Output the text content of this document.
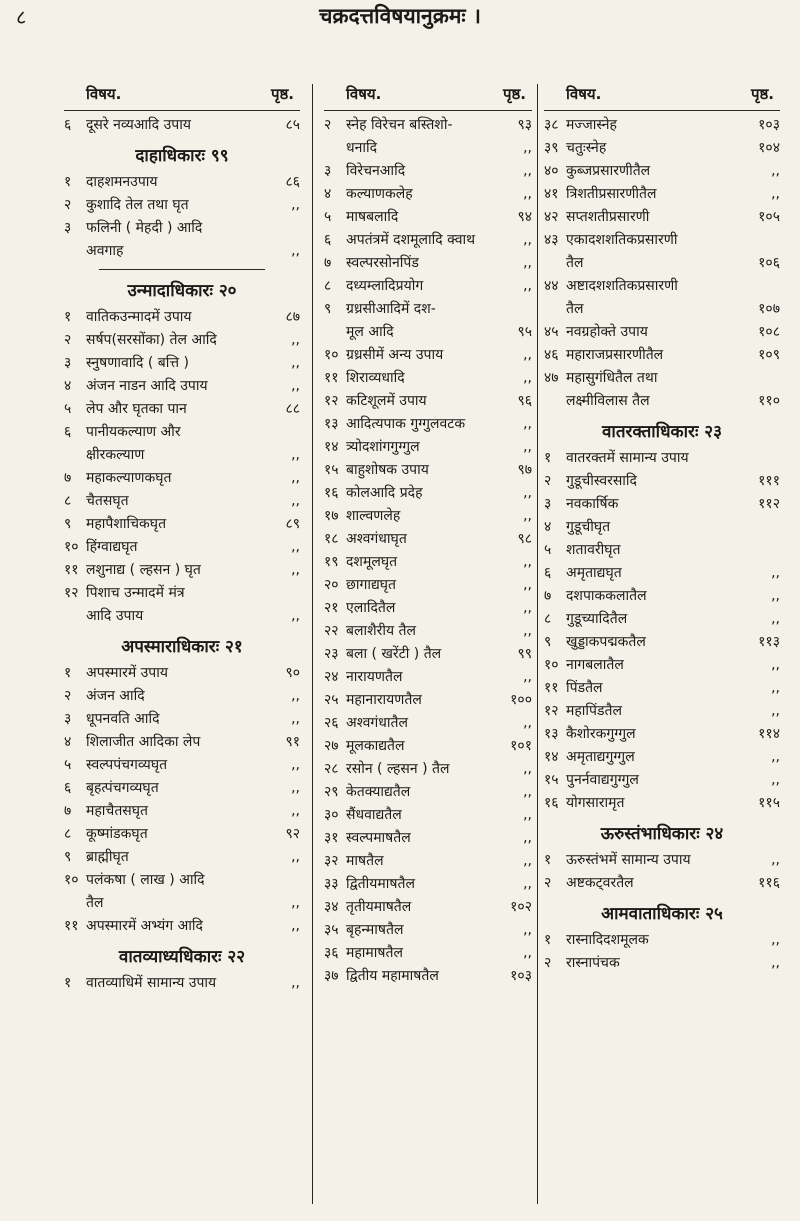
८	चक्रदत्तविषयानुक्रमः ।
विषय.	पृष्ठ.
६	दूसरे नव्यआदि उपाय	८५
दाहाधिकारः ९९
१	दाहशमनउपाय	८६
२	कुशादि तेल तथा घृत	,,
३	फलिनी ( मेहदी ) आदि
अवगाह	,,
उन्मादाधिकारः २०
१	वातिकउन्मादमें उपाय	८७
२	सर्षप(सरसोंका) तेल आदि	,,
३	स्नुषणावादि ( बत्ति )	,,
४	अंजन नाडन आदि उपाय	,,
५	लेप और घृतका पान	८८
६	पानीयकल्याण और
क्षीरकल्याण	,,
७	महाकल्याणकघृत	,,
८	चैतसघृत	,,
९	महापैशाचिकघृत	८९
१० हिंग्वाद्यघृत	,,
११ लशुनाद्य ( ल्हसन ) घृत	,,
१२ पिशाच उन्मादमें मंत्र
आदि उपाय	,,
अपस्माराधिकारः २१
१	अपस्मारमें उपाय	९०
२	अंजन आदि	,,
३	धूपनवति आदि	,,
४	शिलाजीत आदिका लेप	९१
५	स्वल्पपंचगव्यघृत	,,
६	बृहत्पंचगव्यघृत	,,
७	महाचैतसघृत	,,
८	कूष्मांडकघृत	९२
९	ब्राह्मीघृत	,,
१० पलंकषा ( लाख ) आदि
तैल	,,
११ अपस्मारमें अभ्यंग आदि	,,
वातव्याध्यधिकारः २२
१	वातव्याधिमें सामान्य उपाय	,,
विषय.	पृष्ठ.
२	स्नेह विरेचन बस्तिशो-	९३
धनादि	,,
३	विरेचनआदि	,,
४	कल्याणकलेह	,,
५	माषबलादि	९४
६	अपतंत्रमें दशमूलादि क्वाथ	,,
७	स्वल्परसोनपिंड	,,
८	दध्यम्लादिप्रयोग	,,
९	ग्रध्रसीआदिमें दश-
मूल आदि	९५
१० ग्रध्रसीमें अन्य उपाय	,,
११ शिराव्यधादि	,,
१२ कटिशूलमें उपाय	९६
१३ आदित्यपाक गुग्गुलवटक	,,
१४ त्र्योदशांगगुग्गुल	,,
१५ बाहुशोषक उपाय	९७
१६ कोलआदि प्रदेह	,,
१७ शाल्वणलेह	,,
१८ अश्वगंधाघृत	९८
१९ दशमूलघृत	,,
२० छागाद्यघृत	,,
२१ एलादितैल	,,
२२ बलाशैरीय तैल	,,
२३ बला ( खरेंटी ) तैल	९९
२४ नारायणतैल	,,
२५ महानारायणतैल	१००
२६ अश्वगंधातैल	,,
२७ मूलकाद्यतैल	१०१
२८ रसोन ( ल्हसन ) तैल	,,
२९ केतक्याद्यतैल	,,
३० सैंधवाद्यतैल	,,
३१ स्वल्पमाषतैल	,,
३२ माषतैल	,,
३३ द्वितीयमाषतैल	,,
३४ तृतीयमाषतैल	१०२
३५ बृहन्माषतैल	,,
३६ महामाषतैल	,,
३७ द्वितीय महामाषतैल	१०३
विषय.	पृष्ठ.
३८ मज्जास्नेह	१०३
३९ चतुःस्नेह	१०४
४० कुब्जप्रसारणीतैल	,,
४१ त्रिशतीप्रसारणीतैल	,,
४२ सप्तशतीप्रसारणी	१०५
४३ एकादशशतिकप्रसारणी
तैल	१०६
४४ अष्टादशशतिकप्रसारणी
तैल	१०७
४५ नवग्रहोक्ते उपाय	१०८
४६ महाराजप्रसारणीतैल	१०९
४७ महासुगंधितैल तथा
लक्ष्मीविलास तैल	११०
वातरक्ताधिकारः २३
१	वातरक्तमें सामान्य उपाय
२	गुडूचीस्वरसादि	१११
३	नवकार्षिक	११२
४	गुडूचीघृत
५	शतावरीघृत
६	अमृताद्यघृत	,,
७	दशपाककलातैल	,,
८	गुडूच्यादितैल	,,
९	खुड्डाकपद्मकतैल	११३
१० नागबलातैल	,,
११ पिंडतैल	,,
१२ महापिंडतैल	,,
१३ कैशोरकगुग्गुल	११४
१४ अमृताद्यगुग्गुल	,,
१५ पुनर्नवाद्यगुग्गुल	,,
१६ योगसारामृत	११५
ऊरुस्तंभाधिकारः २४
१	ऊरुस्तंभमें सामान्य उपाय	,,
२	अष्टकट्वरतैल	११६
आमवाताधिकारः २५
१	रास्नादिदशमूलक	,,
२	रास्नापंचक	,,
